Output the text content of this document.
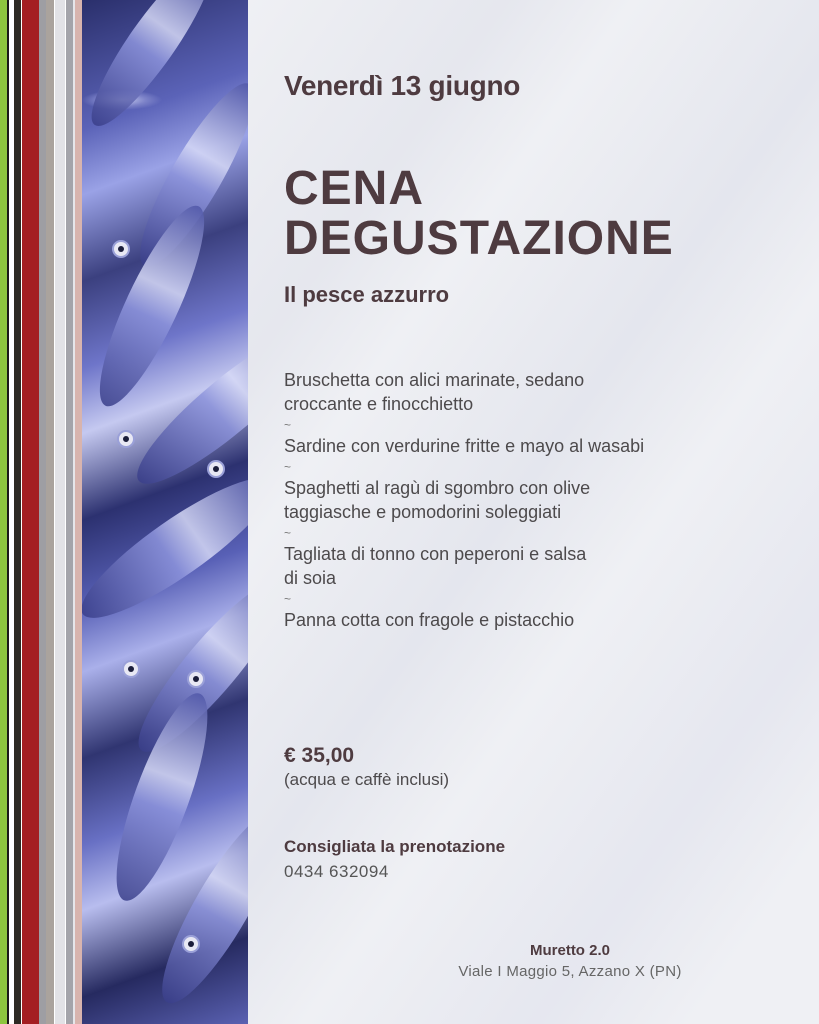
Venerdì 13 giugno
CENA
DEGUSTAZIONE
Il pesce azzurro
Bruschetta con alici marinate, sedano
croccante e finocchietto
~
Sardine con verdurine fritte e mayo al wasabi
~
Spaghetti al ragù di sgombro con olive
taggiasche e pomodorini soleggiati
~
Tagliata di tonno con peperoni e salsa
di soia
~
Panna cotta con fragole e pistacchio
€ 35,00
(acqua e caffè inclusi)
Consigliata la prenotazione
0434 632094
Muretto 2.0
Viale I Maggio 5, Azzano X (PN)
